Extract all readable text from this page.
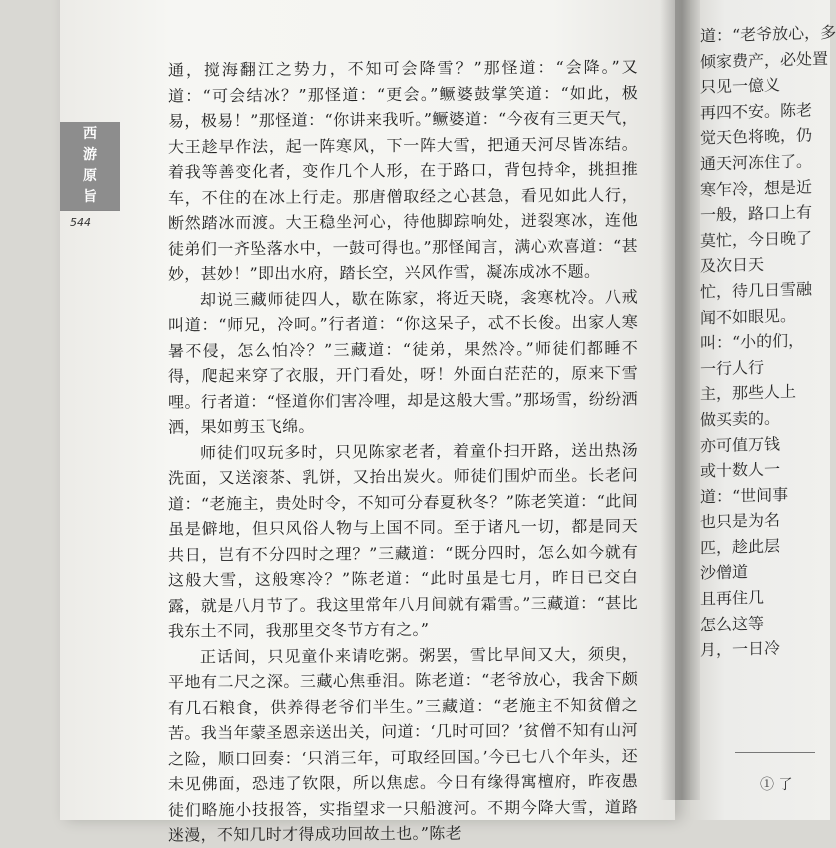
西
游
原
旨
544

通，搅海翻江之势力，不知可会降雪？”那怪道：“会降。”又道：“可会结冰？”那怪道：“更会。”鳜婆鼓掌笑道：“如此，极易，极易！”那怪道：“你讲来我听。”鳜婆道：“今夜有三更天气，大王趁早作法，起一阵寒风，下一阵大雪，把通天河尽皆冻结。着我等善变化者，变作几个人形，在于路口，背包持伞，挑担推车，不住的在冰上行走。那唐僧取经之心甚急，看见如此人行，断然踏冰而渡。大王稳坐河心，待他脚踪响处，迸裂寒冰，连他徒弟们一齐坠落水中，一鼓可得也。”那怪闻言，满心欢喜道：“甚妙，甚妙！”即出水府，踏长空，兴风作雪，凝冻成冰不题。

却说三藏师徒四人，歇在陈家，将近天晓，衾寒枕冷。八戒叫道：“师兄，冷呵。”行者道：“你这呆子，忒不长俊。出家人寒暑不侵，怎么怕冷？”三藏道：“徒弟，果然冷。”师徒们都睡不得，爬起来穿了衣服，开门看处，呀！外面白茫茫的，原来下雪哩。行者道：“怪道你们害冷哩，却是这般大雪。”那场雪，纷纷洒洒，果如剪玉飞绵。

师徒们叹玩多时，只见陈家老者，着童仆扫开路，送出热汤洗面，又送滚茶、乳饼，又抬出炭火。师徒们围炉而坐。长老问道：“老施主，贵处时令，不知可分春夏秋冬？”陈老笑道：“此间虽是僻地，但只风俗人物与上国不同。至于诸凡一切，都是同天共日，岂有不分四时之理？”三藏道：“既分四时，怎么如今就有这般大雪，这般寒冷？”陈老道：“此时虽是七月，昨日已交白露，就是八月节了。我这里常年八月间就有霜雪。”三藏道：“甚比我东土不同，我那里交冬节方有之。”

正话间，只见童仆来请吃粥。粥罢，雪比早间又大，须臾，平地有二尺之深。三藏心焦垂泪。陈老道：“老爷放心，我舍下颇有几石粮食，供养得老爷们半生。”三藏道：“老施主不知贫僧之苦。我当年蒙圣恩亲送出关，问道：‘几时可回？’贫僧不知有山河之险，顺口回奏：‘只消三年，可取经回国。’今已七八个年头，还未见佛面，恐违了钦限，所以焦虑。今日有缘得寓檀府，昨夜愚徒们略施小技报答，实指望求一只船渡河。不期今降大雪，道路迷漫，不知几时才得成功回故土也。”陈老

道：“老爷放心，多
倾家费产，必处置
只见一億义
再四不安。陈老
觉天色将晚，仍
通天河冻住了。
寒乍冷，想是近
一般，路口上有
莫忙，今日晚了
及次日天
忙，待几日雪融
闻不如眼见。
叫：“小的们，
一行人行
主，那些人上
做买卖的。
亦可值万钱
或十数人一
道：“世间事
也只是为名
匹，趁此层
沙僧道
且再住几
怎么这等
月，一日冷
① 了
